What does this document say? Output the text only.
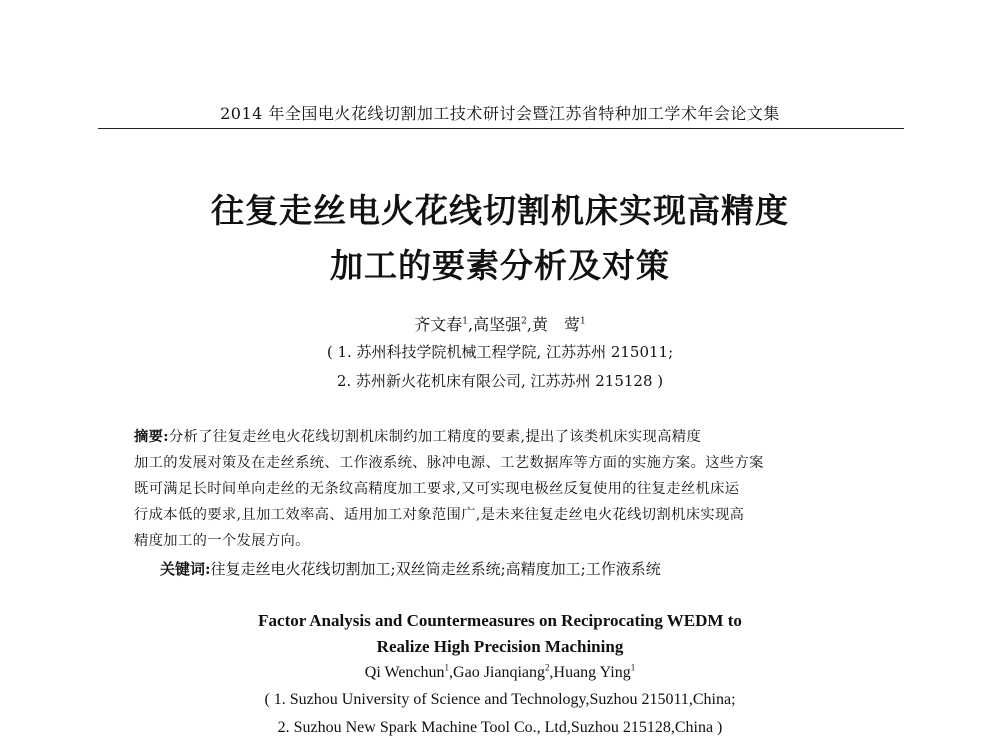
2014 年全国电火花线切割加工技术研讨会暨江苏省特种加工学术年会论文集
往复走丝电火花线切割机床实现高精度
加工的要素分析及对策
齐文春$^1$,高坚强$^2$,黄　莺$^1$
( 1. 苏州科技学院机械工程学院, 江苏苏州 215011;
2. 苏州新火花机床有限公司, 江苏苏州 215128 )
摘要:分析了往复走丝电火花线切割机床制约加工精度的要素,提出了该类机床实现高精度
加工的发展对策及在走丝系统、工作液系统、脉冲电源、工艺数据库等方面的实施方案。这些方案
既可满足长时间单向走丝的无条纹高精度加工要求,又可实现电极丝反复使用的往复走丝机床运
行成本低的要求,且加工效率高、适用加工对象范围广,是未来往复走丝电火花线切割机床实现高
精度加工的一个发展方向。
关键词:往复走丝电火花线切割加工;双丝筒走丝系统;高精度加工;工作液系统
Factor Analysis and Countermeasures on Reciprocating WEDM to
Realize High Precision Machining
Qi Wenchun$^1$,Gao Jianqiang$^2$,Huang Ying$^1$
( 1. Suzhou University of Science and Technology,Suzhou 215011,China;
2. Suzhou New Spark Machine Tool Co., Ltd,Suzhou 215128,China )
